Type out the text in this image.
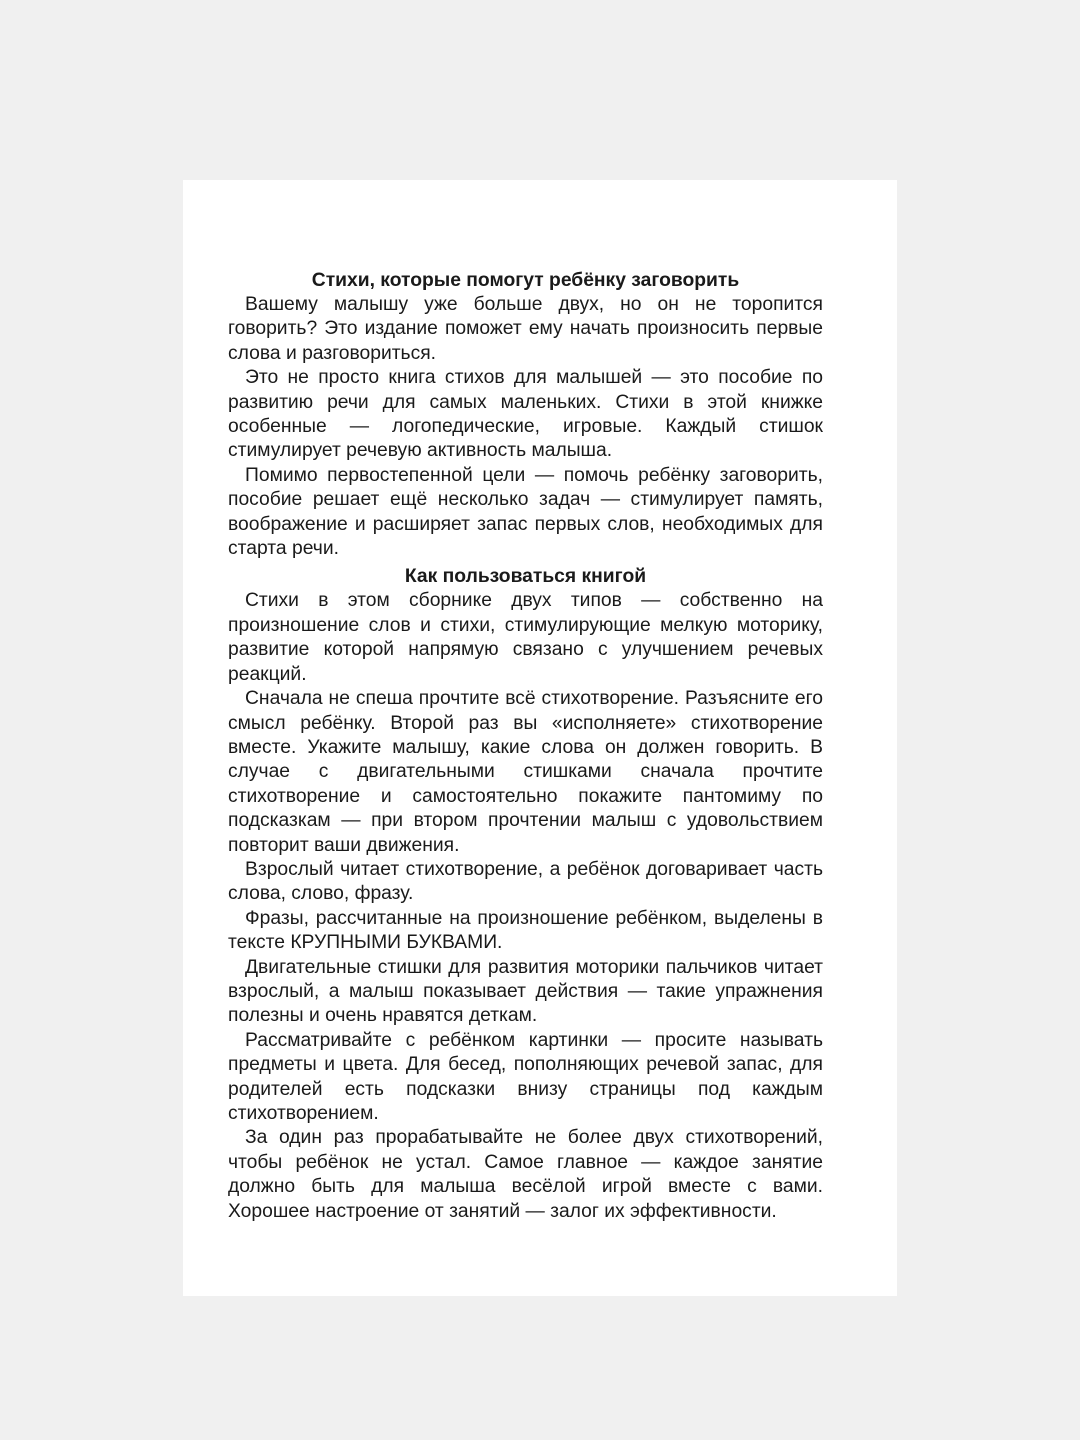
Стихи, которые помогут ребёнку заговорить

Вашему малышу уже больше двух, но он не торопится говорить? Это издание поможет ему начать произносить первые слова и разговориться.

Это не просто книга стихов для малышей — это пособие по развитию речи для самых маленьких. Стихи в этой книжке особенные — логопедические, игровые. Каждый стишок стимулирует речевую активность малыша.

Помимо первостепенной цели — помочь ребёнку заговорить, пособие решает ещё несколько задач — стимулирует память, воображение и расширяет запас первых слов, необходимых для старта речи.

Как пользоваться книгой

Стихи в этом сборнике двух типов — собственно на произношение слов и стихи, стимулирующие мелкую моторику, развитие которой напрямую связано с улучшением речевых реакций.

Сначала не спеша прочтите всё стихотворение. Разъясните его смысл ребёнку. Второй раз вы «исполняете» стихотворение вместе. Укажите малышу, какие слова он должен говорить. В случае с двигательными стишками сначала прочтите стихотворение и самостоятельно покажите пантомиму по подсказкам — при втором прочтении малыш с удовольствием повторит ваши движения.

Взрослый читает стихотворение, а ребёнок договаривает часть слова, слово, фразу.

Фразы, рассчитанные на произношение ребёнком, выделены в тексте КРУПНЫМИ БУКВАМИ.

Двигательные стишки для развития моторики пальчиков читает взрослый, а малыш показывает действия — такие упражнения полезны и очень нравятся деткам.

Рассматривайте с ребёнком картинки — просите называть предметы и цвета. Для бесед, пополняющих речевой запас, для родителей есть подсказки внизу страницы под каждым стихотворением.

За один раз прорабатывайте не более двух стихотворений, чтобы ребёнок не устал. Самое главное — каждое занятие должно быть для малыша весёлой игрой вместе с вами. Хорошее настроение от занятий — залог их эффективности.
